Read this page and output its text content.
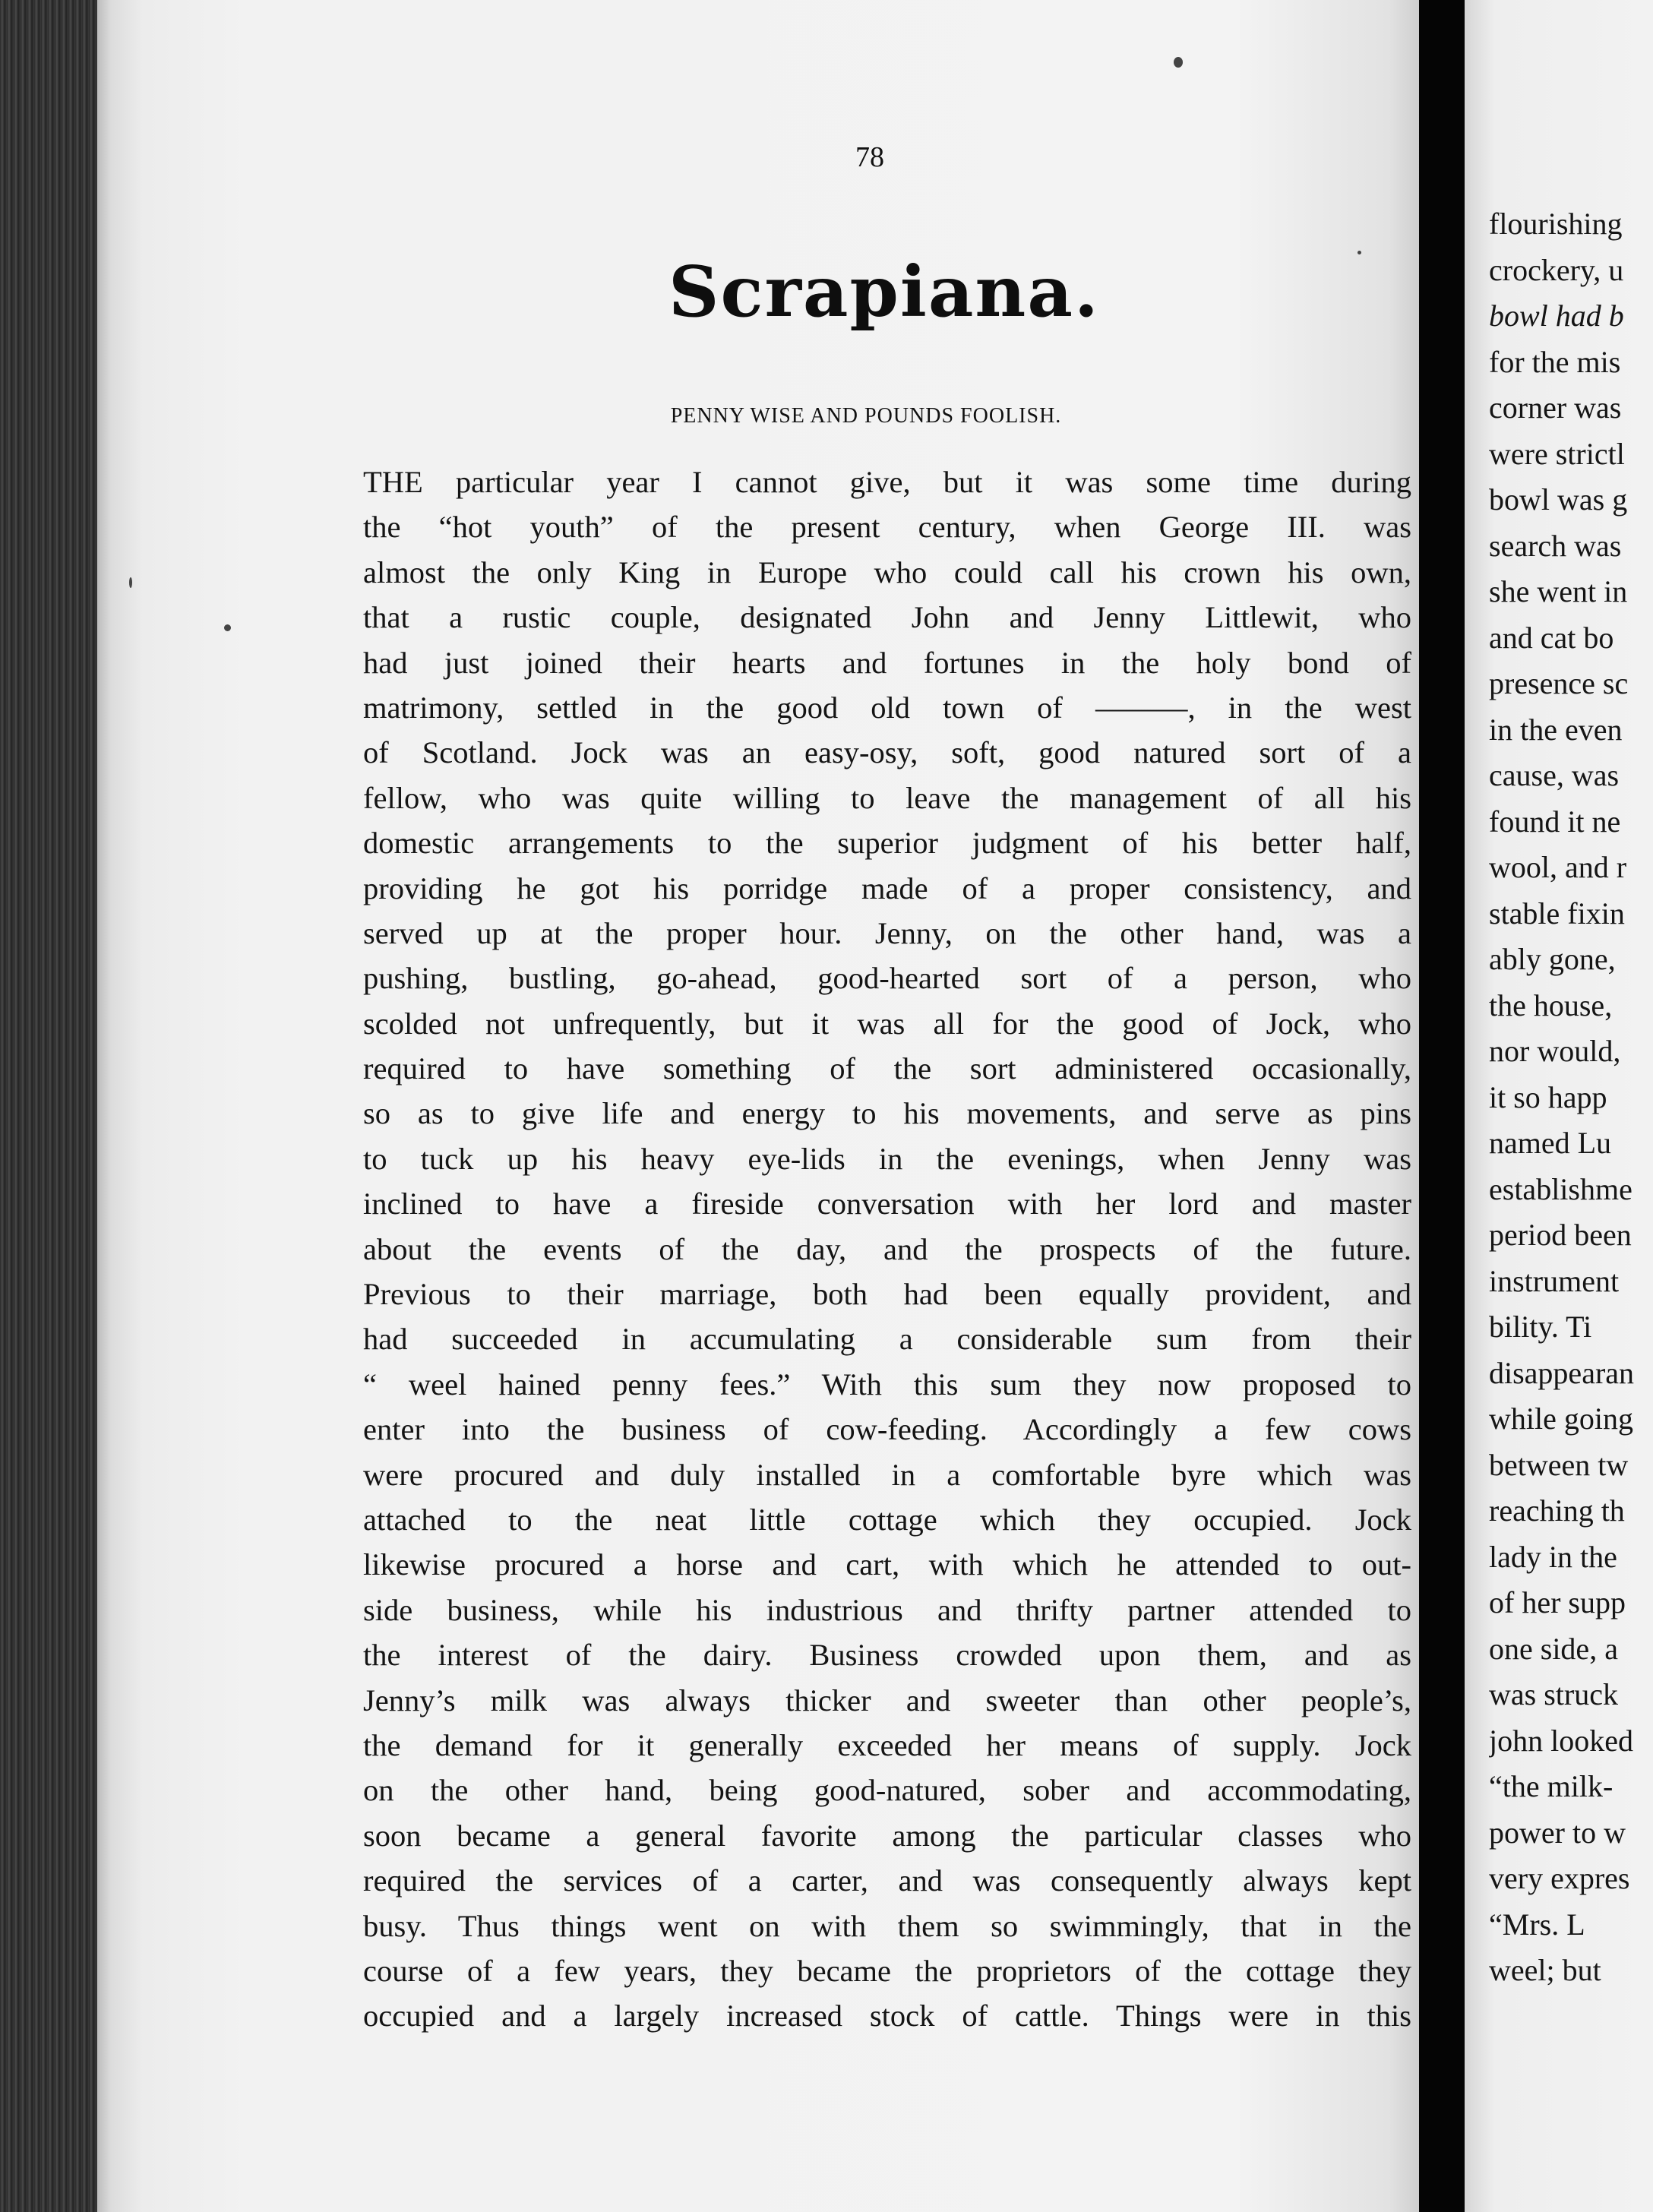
78
Scrapiana.
PENNY WISE AND POUNDS FOOLISH.
THE particular year I cannot give, but it was some time during
the “hot youth” of the present century, when George III. was
almost the only King in Europe who could call his crown his own,
that a rustic couple, designated John and Jenny Littlewit, who
had just joined their hearts and fortunes in the holy bond of
matrimony, settled in the good old town of ———, in the west
of Scotland. Jock was an easy-osy, soft, good natured sort of a
fellow, who was quite willing to leave the management of all his
domestic arrangements to the superior judgment of his better half,
providing he got his porridge made of a proper consistency, and
served up at the proper hour. Jenny, on the other hand, was a
pushing, bustling, go-ahead, good-hearted sort of a person, who
scolded not unfrequently, but it was all for the good of Jock, who
required to have something of the sort administered occasionally,
so as to give life and energy to his movements, and serve as pins
to tuck up his heavy eye-lids in the evenings, when Jenny was
inclined to have a fireside conversation with her lord and master
about the events of the day, and the prospects of the future.
Previous to their marriage, both had been equally provident, and
had succeeded in accumulating a considerable sum from their
“ weel hained penny fees.” With this sum they now proposed to
enter into the business of cow-feeding. Accordingly a few cows
were procured and duly installed in a comfortable byre which was
attached to the neat little cottage which they occupied. Jock
likewise procured a horse and cart, with which he attended to out-
side business, while his industrious and thrifty partner attended to
the interest of the dairy. Business crowded upon them, and as
Jenny’s milk was always thicker and sweeter than other people’s,
the demand for it generally exceeded her means of supply. Jock
on the other hand, being good-natured, sober and accommodating,
soon became a general favorite among the particular classes who
required the services of a carter, and was consequently always kept
busy. Thus things went on with them so swimmingly, that in the
course of a few years, they became the proprietors of the cottage they
occupied and a largely increased stock of cattle. Things were in this
flourishing
crockery, u
bowl had b
for the mis
corner was
were strictl
bowl was g
search was
she went in
and cat bo
presence sc
in the even
cause, was
found it ne
wool, and r
stable fixin
ably gone,
the house,
nor would,
it so happ
named Lu
establishme
period been
instrument
bility. Ti
disappearan
while going
between tw
reaching th
lady in the
of her supp
one side, a
was struck
john looked
“the milk-
power to w
very expres
“Mrs. L
weel; but
